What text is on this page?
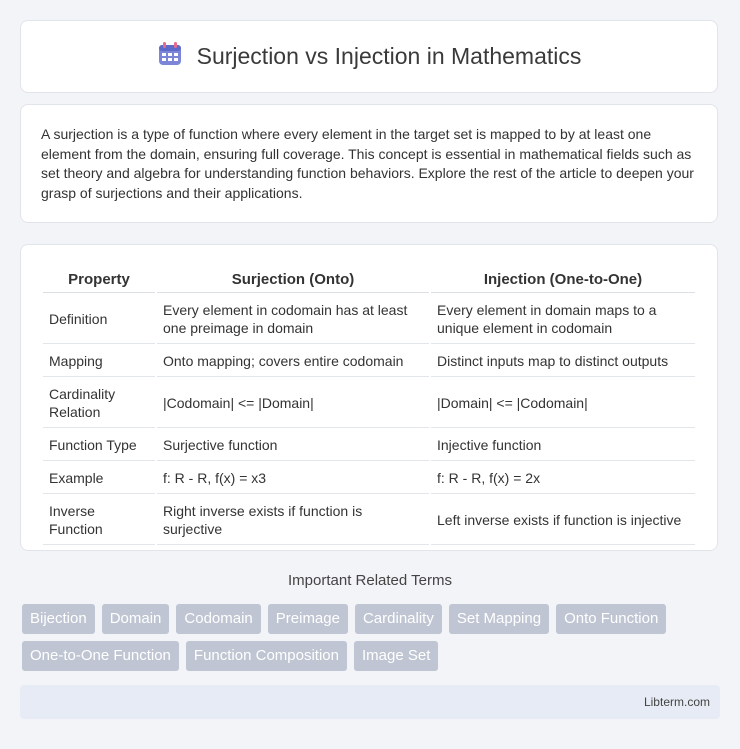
Surjection vs Injection in Mathematics

A surjection is a type of function where every element in the target set is mapped to by at least one element from the domain, ensuring full coverage. This concept is essential in mathematical fields such as set theory and algebra for understanding function behaviors. Explore the rest of the article to deepen your grasp of surjections and their applications.

Property	Surjection (Onto)	Injection (One-to-One)
Definition	Every element in codomain has at least one preimage in domain	Every element in domain maps to a unique element in codomain
Mapping	Onto mapping; covers entire codomain	Distinct inputs map to distinct outputs
Cardinality Relation	|Codomain| <= |Domain|	|Domain| <= |Codomain|
Function Type	Surjective function	Injective function
Example	f: R - R, f(x) = x3	f: R - R, f(x) = 2x
Inverse Function	Right inverse exists if function is surjective	Left inverse exists if function is injective
Important Related Terms
Bijection	Domain	Codomain	Preimage	Cardinality	Set Mapping	Onto Function
One-to-One Function	Function Composition	Image Set
Libterm.com
